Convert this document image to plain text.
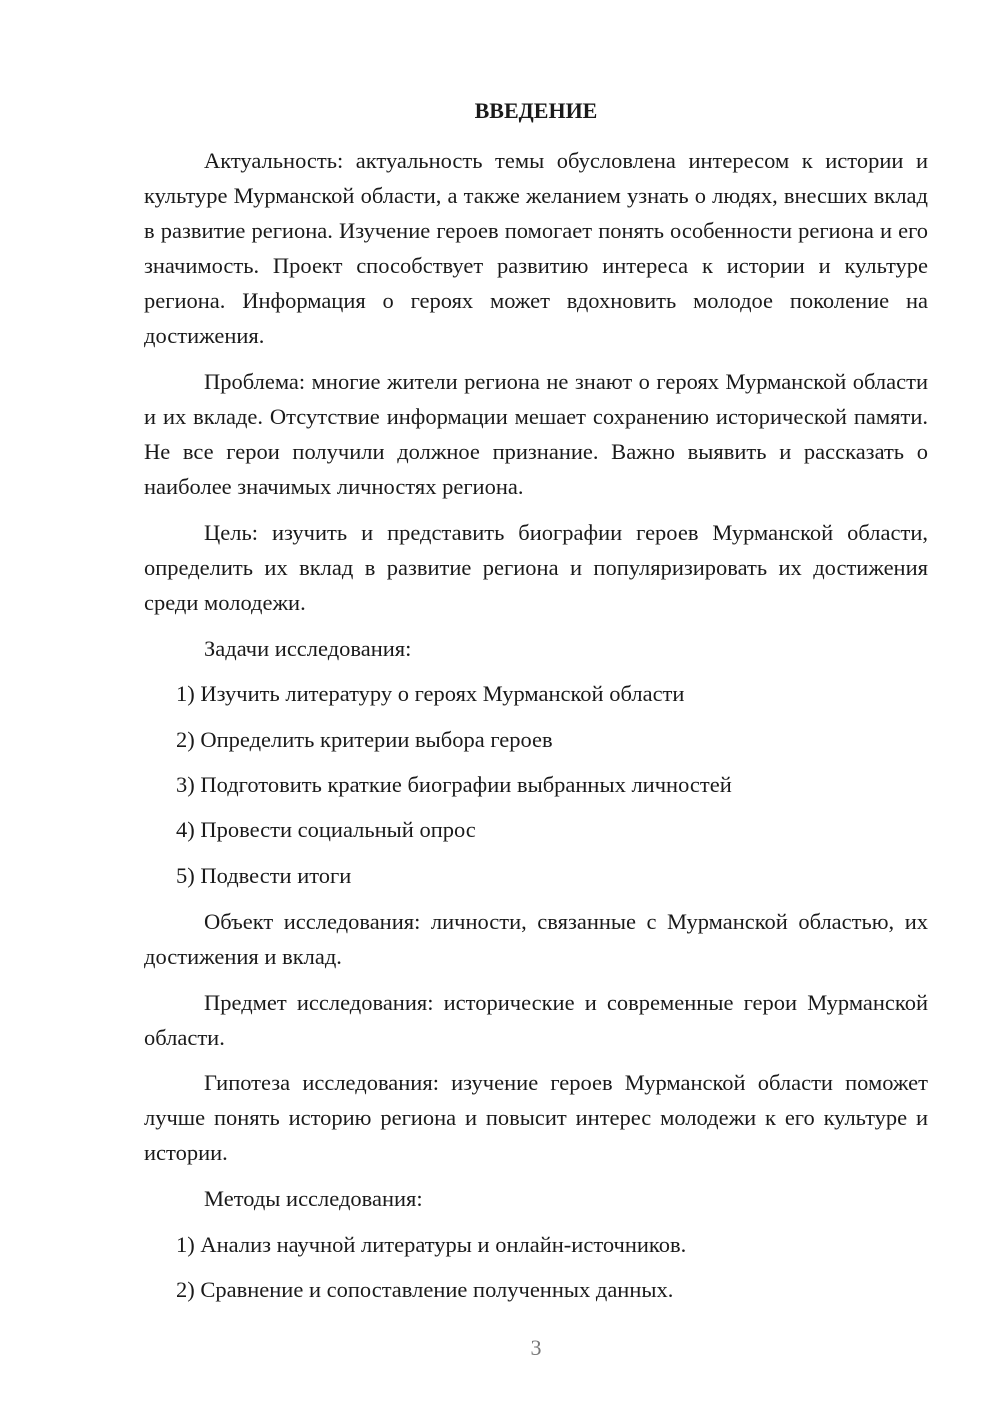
ВВЕДЕНИЕ
Актуальность: актуальность темы обусловлена интересом к истории и культуре Мурманской области, а также желанием узнать о людях, внесших вклад в развитие региона. Изучение героев помогает понять особенности региона и его значимость. Проект способствует развитию интереса к истории и культуре региона. Информация о героях может вдохновить молодое поколение на достижения.
Проблема: многие жители региона не знают о героях Мурманской области и их вкладе. Отсутствие информации мешает сохранению исторической памяти. Не все герои получили должное признание. Важно выявить и рассказать о наиболее значимых личностях региона.
Цель: изучить и представить биографии героев Мурманской области, определить их вклад в развитие региона и популяризировать их достижения среди молодежи.
Задачи исследования:
1) Изучить литературу о героях Мурманской области
2) Определить критерии выбора героев
3) Подготовить краткие биографии выбранных личностей
4) Провести социальный опрос
5) Подвести итоги
Объект исследования: личности, связанные с Мурманской областью, их достижения и вклад.
Предмет исследования: исторические и современные герои Мурманской области.
Гипотеза исследования: изучение героев Мурманской области поможет лучше понять историю региона и повысит интерес молодежи к его культуре и истории.
Методы исследования:
1) Анализ научной литературы и онлайн-источников.
2) Сравнение и сопоставление полученных данных.
3
